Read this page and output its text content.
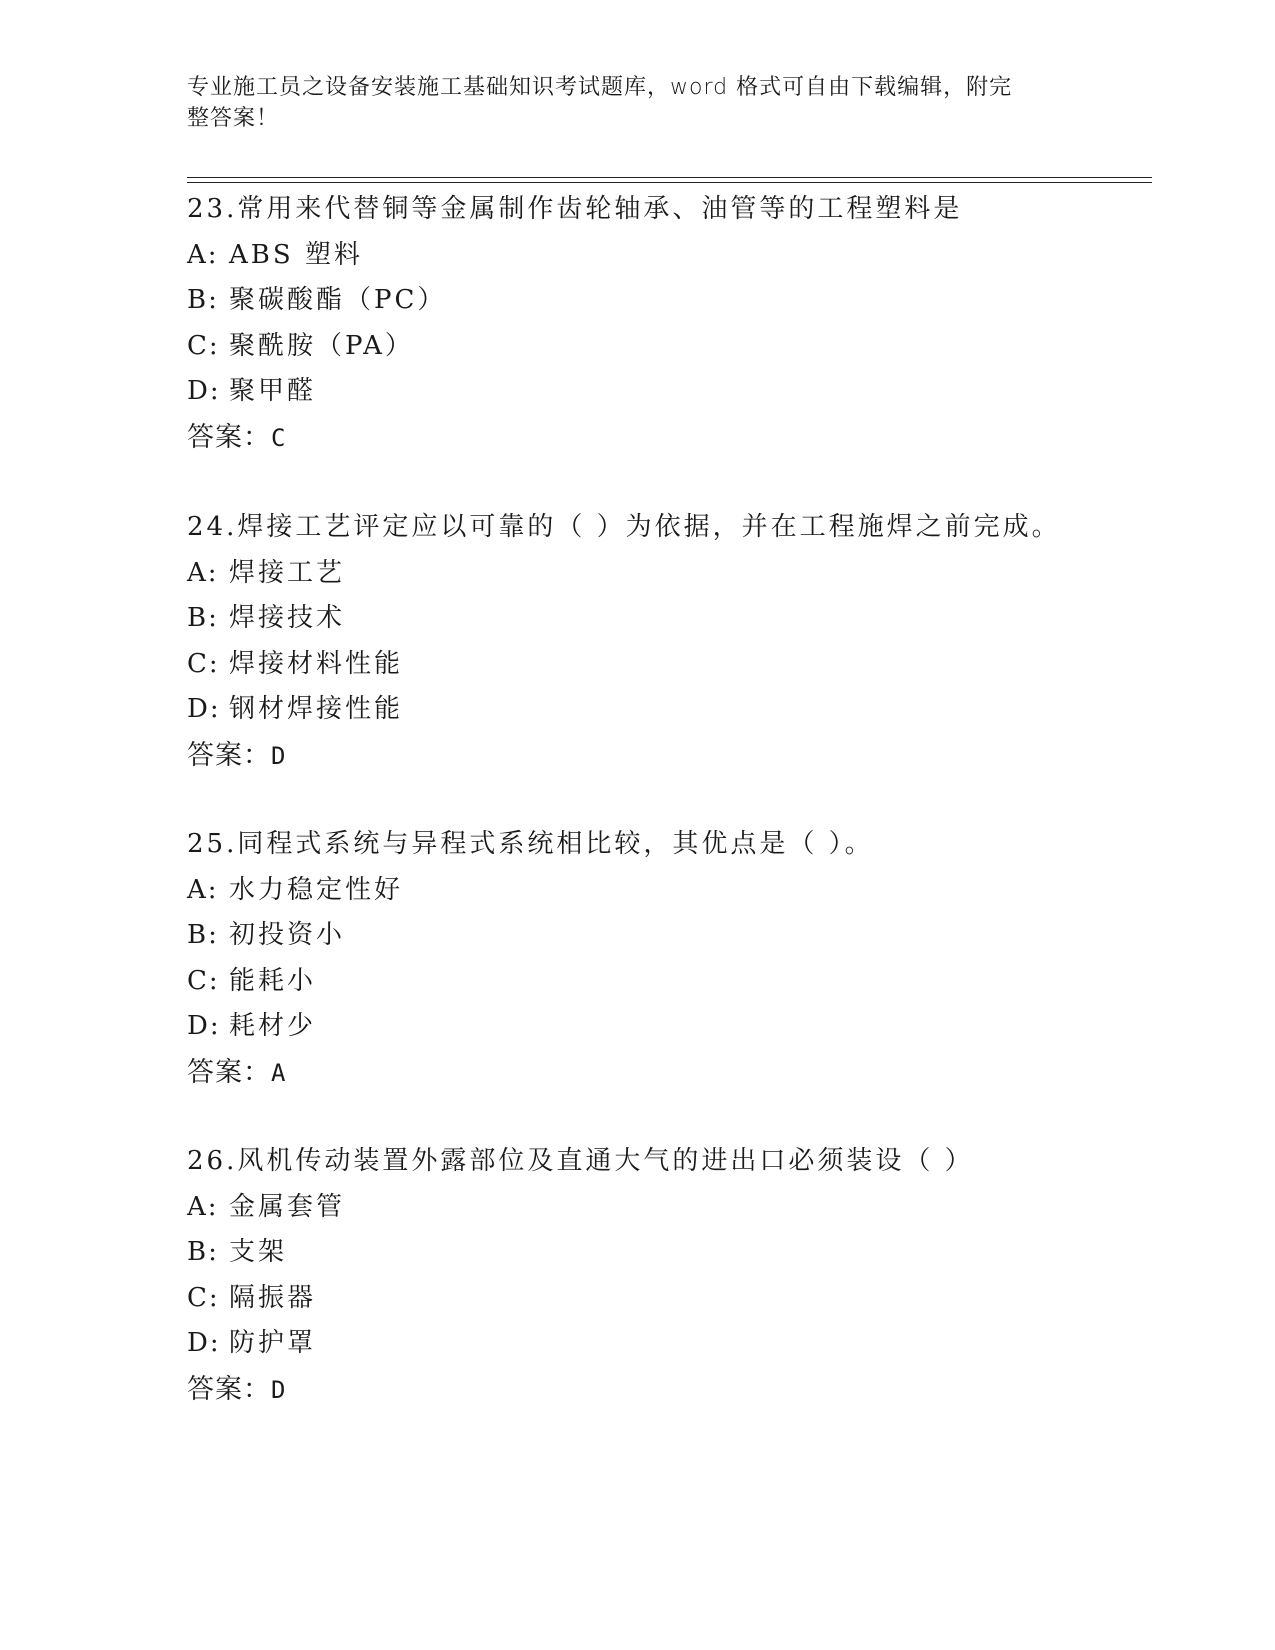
专业施工员之设备安装施工基础知识考试题库，word 格式可自由下载编辑，附完
整答案！
23.常用来代替铜等金属制作齿轮轴承、油管等的工程塑料是
A: ABS 塑料
B: 聚碳酸酯（PC）
C: 聚酰胺（PA）
D: 聚甲醛
答案：C
24.焊接工艺评定应以可靠的（ ）为依据，并在工程施焊之前完成。
A: 焊接工艺
B: 焊接技术
C: 焊接材料性能
D: 钢材焊接性能
答案：D
25.同程式系统与异程式系统相比较，其优点是（ ）。
A: 水力稳定性好
B: 初投资小
C: 能耗小
D: 耗材少
答案：A
26.风机传动装置外露部位及直通大气的进出口必须装设（ ）
A: 金属套管
B: 支架
C: 隔振器
D: 防护罩
答案：D
